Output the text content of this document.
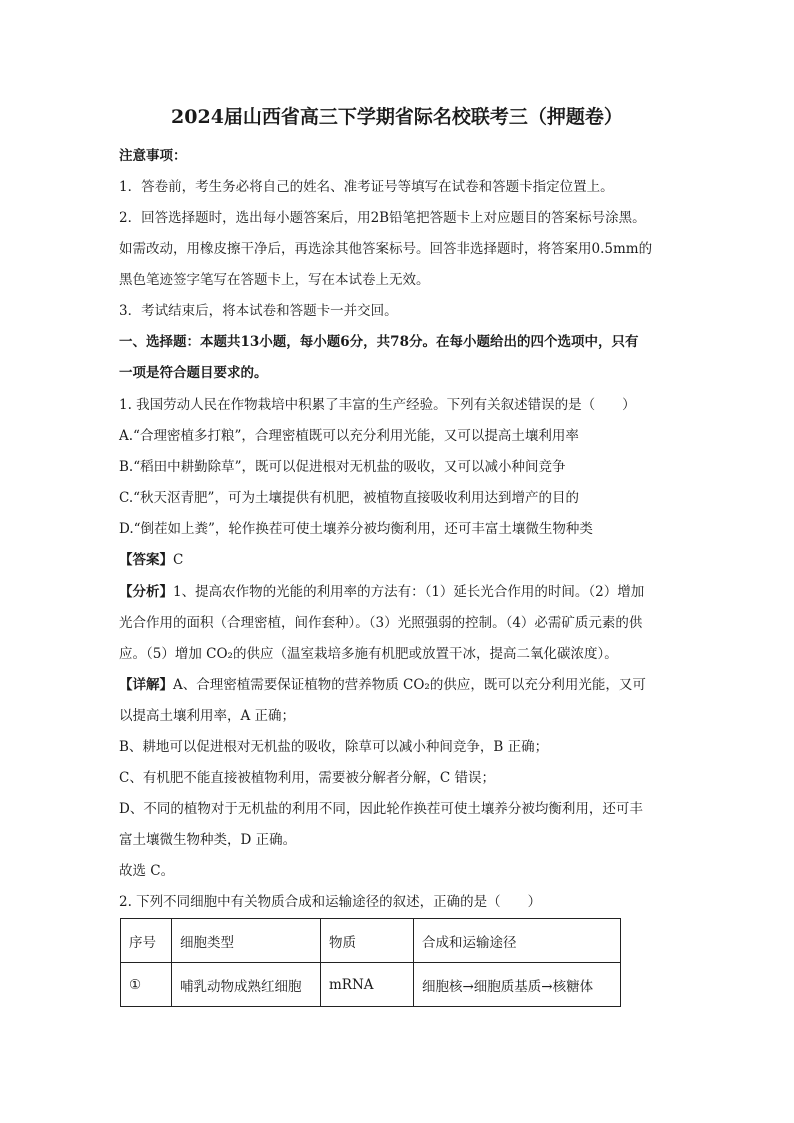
2024届山西省高三下学期省际名校联考三（押题卷）
注意事项：
1．答卷前，考生务必将自己的姓名、准考证号等填写在试卷和答题卡指定位置上。
2．回答选择题时，选出每小题答案后，用2B铅笔把答题卡上对应题目的答案标号涂黑。
如需改动，用橡皮擦干净后，再选涂其他答案标号。回答非选择题时，将答案用0.5mm的
黑色笔迹签字笔写在答题卡上，写在本试卷上无效。
3．考试结束后，将本试卷和答题卡一并交回。
一、选择题：本题共13小题，每小题6分，共78分。在每小题给出的四个选项中，只有
一项是符合题目要求的。
1. 我国劳动人民在作物栽培中积累了丰富的生产经验。下列有关叙述错误的是（　　）
A.“合理密植多打粮”，合理密植既可以充分利用光能，又可以提高土壤利用率
B.“稻田中耕勤除草”，既可以促进根对无机盐的吸收，又可以减小种间竞争
C.“秋天沤青肥”，可为土壤提供有机肥，被植物直接吸收利用达到增产的目的
D.“倒茬如上粪”，轮作换茬可使土壤养分被均衡利用，还可丰富土壤微生物种类
【答案】C
【分析】1、提高农作物的光能的利用率的方法有：（1）延长光合作用的时间。（2）增加
光合作用的面积（合理密植，间作套种）。（3）光照强弱的控制。（4）必需矿质元素的供
应。（5）增加 CO₂的供应（温室栽培多施有机肥或放置干冰，提高二氧化碳浓度）。
【详解】A、合理密植需要保证植物的营养物质 CO₂的供应，既可以充分利用光能，又可
以提高土壤利用率，A 正确；
B、耕地可以促进根对无机盐的吸收，除草可以减小种间竞争，B 正确；
C、有机肥不能直接被植物利用，需要被分解者分解，C 错误；
D、不同的植物对于无机盐的利用不同，因此轮作换茬可使土壤养分被均衡利用，还可丰
富土壤微生物种类，D 正确。
故选 C。
2. 下列不同细胞中有关物质合成和运输途径的叙述，正确的是（　　）
序号	细胞类型	物质	合成和运输途径
①	哺乳动物成熟红细胞	mRNA	细胞核→细胞质基质→核糖体
